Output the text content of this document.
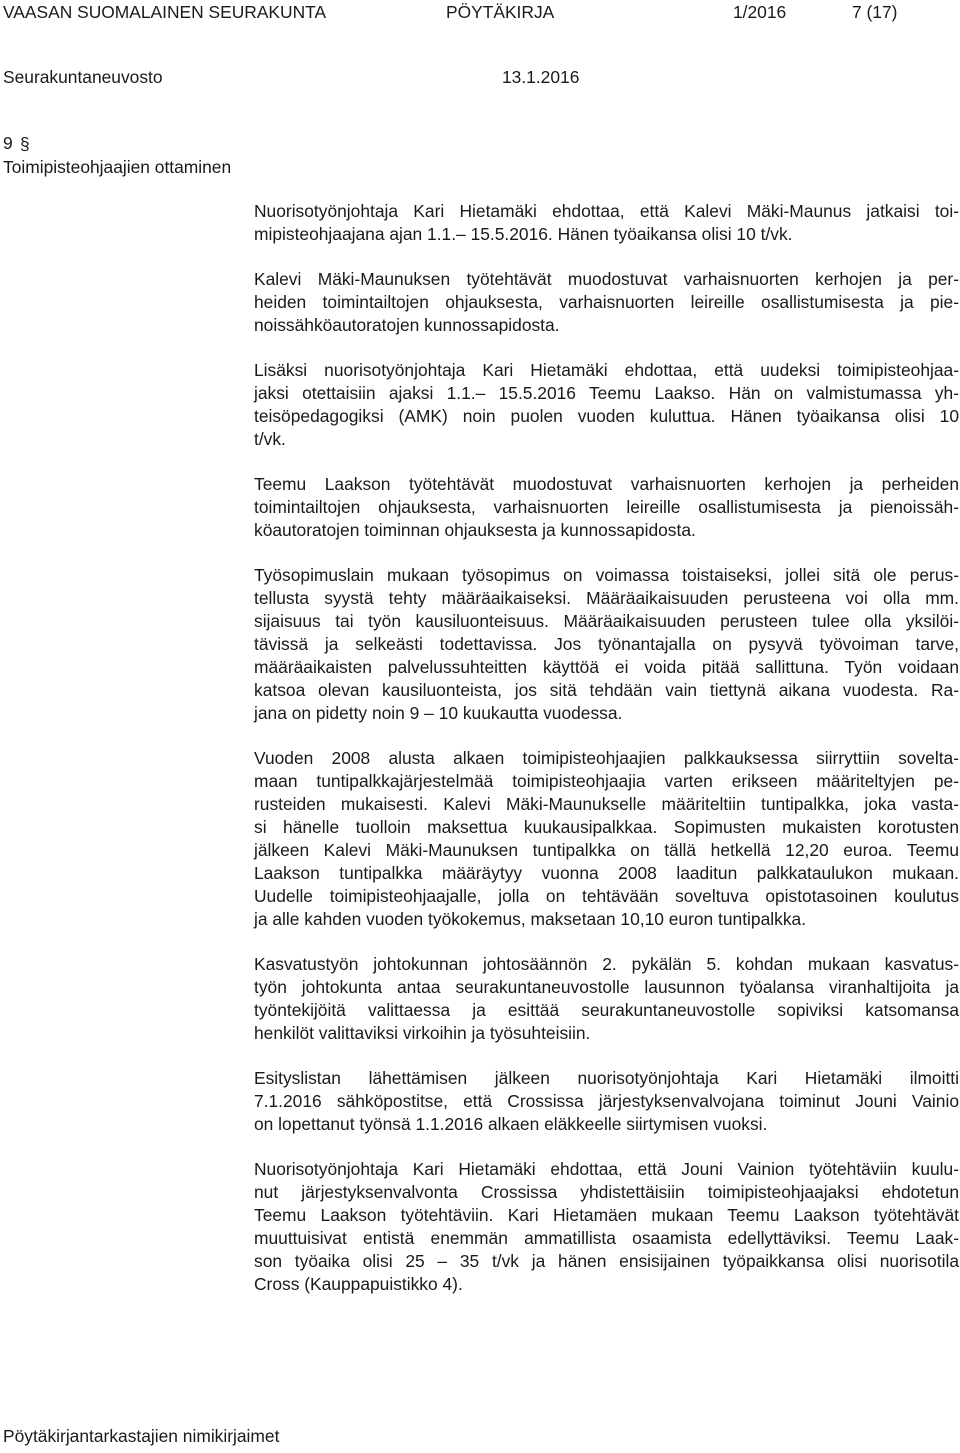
VAASAN SUOMALAINEN SEURAKUNTA	PÖYTÄKIRJA	1/2016	7 (17)
Seurakuntaneuvosto	13.1.2016
9 §
Toimipisteohjaajien ottaminen
Nuorisotyönjohtaja Kari Hietamäki ehdottaa, että Kalevi Mäki-Maunus jatkaisi toi-
mipisteohjaajana ajan 1.1.– 15.5.2016. Hänen työaikansa olisi 10 t/vk.
Kalevi Mäki-Maunuksen työtehtävät muodostuvat varhaisnuorten kerhojen ja per-
heiden toimintailtojen ohjauksesta, varhaisnuorten leireille osallistumisesta ja pie-
noissähköautoratojen kunnossapidosta.
Lisäksi nuorisotyönjohtaja Kari Hietamäki ehdottaa, että uudeksi toimipisteohjaa-
jaksi otettaisiin ajaksi 1.1.– 15.5.2016 Teemu Laakso. Hän on valmistumassa yh-
teisöpedagogiksi (AMK) noin puolen vuoden kuluttua. Hänen työaikansa olisi 10
t/vk.
Teemu Laakson työtehtävät muodostuvat varhaisnuorten kerhojen ja perheiden
toimintailtojen ohjauksesta, varhaisnuorten leireille osallistumisesta ja pienoissäh-
köautoratojen toiminnan ohjauksesta ja kunnossapidosta.
Työsopimuslain mukaan työsopimus on voimassa toistaiseksi, jollei sitä ole perus-
tellusta syystä tehty määräaikaiseksi. Määräaikaisuuden perusteena voi olla mm.
sijaisuus tai työn kausiluonteisuus. Määräaikaisuuden perusteen tulee olla yksilöi-
tävissä ja selkeästi todettavissa. Jos työnantajalla on pysyvä työvoiman tarve,
määräaikaisten palvelussuhteitten käyttöä ei voida pitää sallittuna. Työn voidaan
katsoa olevan kausiluonteista, jos sitä tehdään vain tiettynä aikana vuodesta. Ra-
jana on pidetty noin 9 – 10 kuukautta vuodessa.
Vuoden 2008 alusta alkaen toimipisteohjaajien palkkauksessa siirryttiin sovelta-
maan tuntipalkkajärjestelmää toimipisteohjaajia varten erikseen määriteltyjen pe-
rusteiden mukaisesti. Kalevi Mäki-Maunukselle määriteltiin tuntipalkka, joka vasta-
si hänelle tuolloin maksettua kuukausipalkkaa. Sopimusten mukaisten korotusten
jälkeen Kalevi Mäki-Maunuksen tuntipalkka on tällä hetkellä 12,20 euroa. Teemu
Laakson tuntipalkka määräytyy vuonna 2008 laaditun palkkataulukon mukaan.
Uudelle toimipisteohjaajalle, jolla on tehtävään soveltuva opistotasoinen koulutus
ja alle kahden vuoden työkokemus, maksetaan 10,10 euron tuntipalkka.
Kasvatustyön johtokunnan johtosäännön 2. pykälän 5. kohdan mukaan kasvatus-
työn johtokunta antaa seurakuntaneuvostolle lausunnon työalansa viranhaltijoita ja
työntekijöitä valittaessa ja esittää seurakuntaneuvostolle sopiviksi katsomansa
henkilöt valittaviksi virkoihin ja työsuhteisiin.
Esityslistan lähettämisen jälkeen nuorisotyönjohtaja Kari Hietamäki ilmoitti
7.1.2016 sähköpostitse, että Crossissa järjestyksenvalvojana toiminut Jouni Vainio
on lopettanut työnsä 1.1.2016 alkaen eläkkeelle siirtymisen vuoksi.
Nuorisotyönjohtaja Kari Hietamäki ehdottaa, että Jouni Vainion työtehtäviin kuulu-
nut järjestyksenvalvonta Crossissa yhdistettäisiin toimipisteohjaajaksi ehdotetun
Teemu Laakson työtehtäviin. Kari Hietamäen mukaan Teemu Laakson työtehtävät
muuttuisivat entistä enemmän ammatillista osaamista edellyttäviksi. Teemu Laak-
son työaika olisi 25 – 35 t/vk ja hänen ensisijainen työpaikkansa olisi nuorisotila
Cross (Kauppapuistikko 4).
Pöytäkirjantarkastajien nimikirjaimet
